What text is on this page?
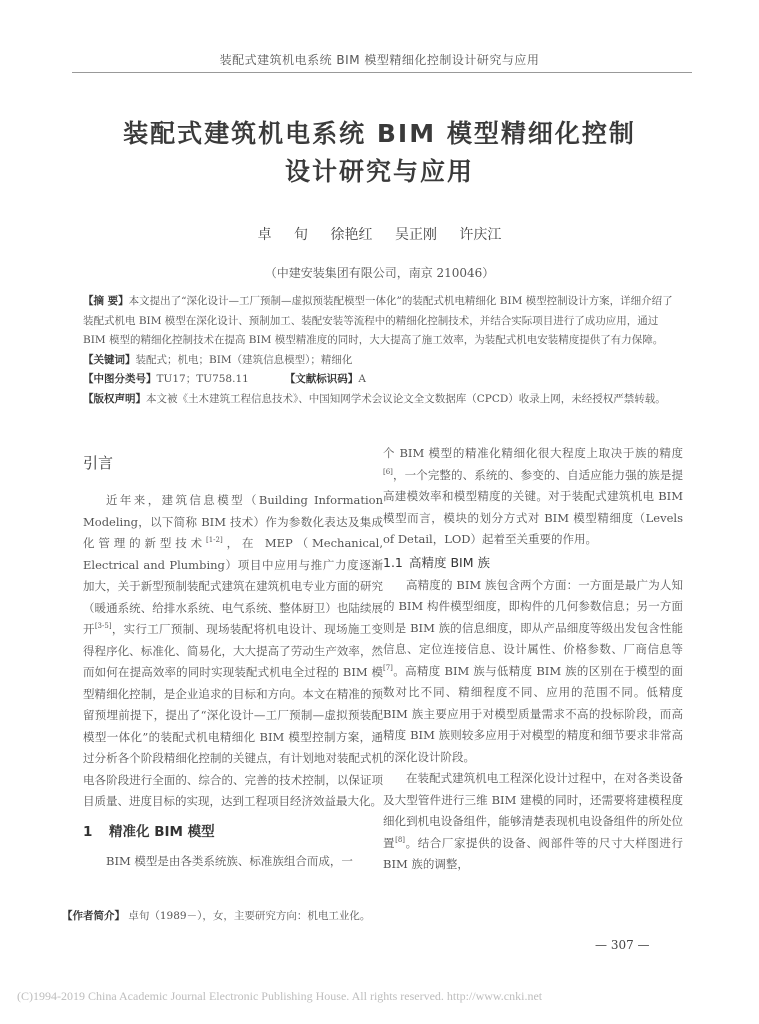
装配式建筑机电系统 BIM 模型精细化控制设计研究与应用
装配式建筑机电系统 BIM 模型精细化控制
设计研究与应用
卓 旬 徐艳红 吴正刚 许庆江
（中建安装集团有限公司，南京 210046）

【摘 要】本文提出了“深化设计—工厂预制—虚拟预装配模型一体化”的装配式机电精细化 BIM 模型控制设计方案，详细介绍了装配式机电 BIM 模型在深化设计、预制加工、装配安装等流程中的精细化控制技术，并结合实际项目进行了成功应用，通过 BIM 模型的精细化控制技术在提高 BIM 模型精准度的同时，大大提高了施工效率，为装配式机电安装精度提供了有力保障。

【关键词】装配式；机电；BIM（建筑信息模型）；精细化

【中图分类号】TU17；TU758.11	【文献标识码】A

【版权声明】本文被《土木建筑工程信息技术》、中国知网学术会议论文全文数据库（CPCD）收录上网，未经授权严禁转载。

引言

近年来，建筑信息模型（Building Information Modeling，以下简称 BIM 技术）作为参数化表达及集成化管理的新型技术[1-2]，在 MEP（Mechanical, Electrical and Plumbing）项目中应用与推广力度逐渐加大，关于新型预制装配式建筑在建筑机电专业方面的研究（暖通系统、给排水系统、电气系统、整体厨卫）也陆续展开[3-5]，实行工厂预制、现场装配将机电设计、现场施工变得程序化、标准化、简易化，大大提高了劳动生产效率，然而如何在提高效率的同时实现装配式机电全过程的 BIM 模型精细化控制，是企业追求的目标和方向。本文在精准的预留预埋前提下，提出了“深化设计—工厂预制—虚拟预装配模型一体化”的装配式机电精细化 BIM 模型控制方案，通过分析各个阶段精细化控制的关键点，有计划地对装配式机电各阶段进行全面的、综合的、完善的技术控制，以保证项目质量、进度目标的实现，达到工程项目经济效益最大化。

1 精准化 BIM 模型

BIM 模型是由各类系统族、标准族组合而成，一

个 BIM 模型的精准化精细化很大程度上取决于族的精度[6]，一个完整的、系统的、参变的、自适应能力强的族是提高建模效率和模型精度的关键。对于装配式建筑机电 BIM 模型而言，模块的划分方式对 BIM 模型精细度（Levels of Detail，LOD）起着至关重要的作用。

1.1 高精度 BIM 族

高精度的 BIM 族包含两个方面：一方面是最广为人知的 BIM 构件模型细度，即构件的几何参数信息；另一方面则是 BIM 族的信息细度，即从产品细度等级出发包含性能信息、定位连接信息、设计属性、价格参数、厂商信息等[7]。高精度 BIM 族与低精度 BIM 族的区别在于模型的面数对比不同、精细程度不同、应用的范围不同。低精度 BIM 族主要应用于对模型质量需求不高的投标阶段，而高精度 BIM 族则较多应用于对模型的精度和细节要求非常高的深化设计阶段。

在装配式建筑机电工程深化设计过程中，在对各类设备及大型管件进行三维 BIM 建模的同时，还需要将建模程度细化到机电设备组件，能够清楚表现机电设备组件的所处位置[8]。结合厂家提供的设备、阀部件等的尺寸大样图进行 BIM 族的调整，

【作者简介】 卓旬（1989－），女，主要研究方向：机电工业化。
— 307 —
(C)1994-2019 China Academic Journal Electronic Publishing House. All rights reserved. http://www.cnki.net
